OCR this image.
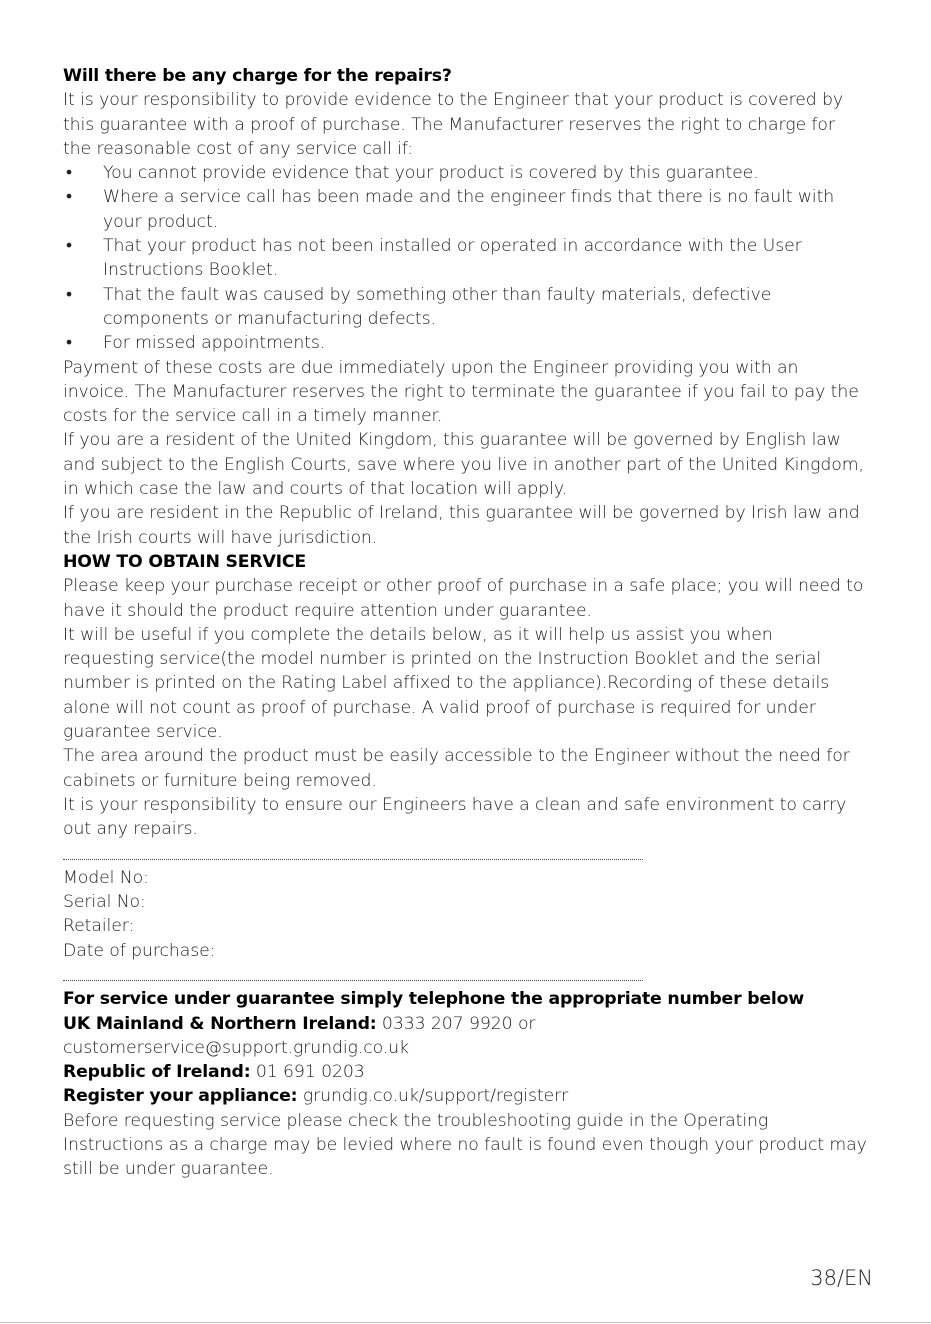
Will there be any charge for the repairs?

It is your responsibility to provide evidence to the Engineer that your product is covered by this guarantee with a proof of purchase. The Manufacturer reserves the right to charge for the reasonable cost of any service call if:

• You cannot provide evidence that your product is covered by this guarantee.
• Where a service call has been made and the engineer finds that there is no fault with your product.
• That your product has not been installed or operated in accordance with the User Instructions Booklet.
• That the fault was caused by something other than faulty materials, defective components or manufacturing defects.
• For missed appointments.

Payment of these costs are due immediately upon the Engineer providing you with an invoice. The Manufacturer reserves the right to terminate the guarantee if you fail to pay the costs for the service call in a timely manner.

If you are a resident of the United Kingdom, this guarantee will be governed by English law and subject to the English Courts, save where you live in another part of the United Kingdom, in which case the law and courts of that location will apply.

If you are resident in the Republic of Ireland, this guarantee will be governed by Irish law and the Irish courts will have jurisdiction.

HOW TO OBTAIN SERVICE

Please keep your purchase receipt or other proof of purchase in a safe place; you will need to have it should the product require attention under guarantee.

It will be useful if you complete the details below, as it will help us assist you when requesting service(the model number is printed on the Instruction Booklet and the serial number is printed on the Rating Label affixed to the appliance).Recording of these details alone will not count as proof of purchase. A valid proof of purchase is required for under guarantee service.

The area around the product must be easily accessible to the Engineer without the need for cabinets or furniture being removed.

It is your responsibility to ensure our Engineers have a clean and safe environment to carry out any repairs.

Model No:

Serial No:

Retailer:

Date of purchase:

For service under guarantee simply telephone the appropriate number below

UK Mainland & Northern Ireland: 0333 207 9920 or

customerservice@support.grundig.co.uk

Republic of Ireland: 01 691 0203

Register your appliance: grundig.co.uk/support/registerr

Before requesting service please check the troubleshooting guide in the Operating Instructions as a charge may be levied where no fault is found even though your product may still be under guarantee.

38/EN
